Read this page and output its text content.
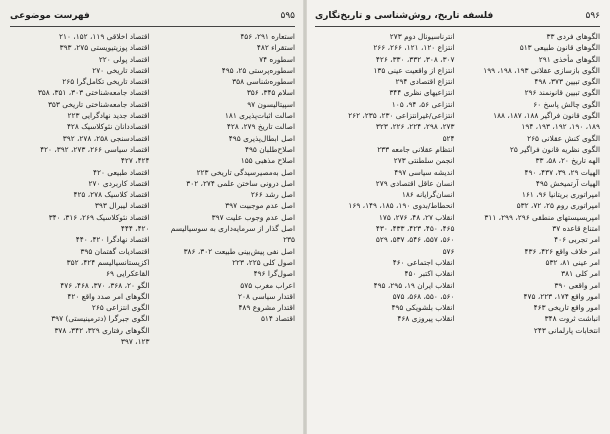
۵۹۵
فهرست موضوعی
استعاره ۲۹۱، ۴۵۶
استقراء ۴۸۲
اسطوره ۷۴
اسطوره‌پرستی ۲۵، ۴۹۵
اسطوره‌شناسی ۳۵۸
اسلام ۳۴۵، ۳۵۶
اسپیتالیسون ۹۷
اصالت اثبات‌پذیری ۱۸۱
اصالت تاریخ ۲۷۹، ۴۲۸
اصل ابطال‌پذیری ۴۹۵
اصلاح‌طلبان ۴۹۵
اصلاح مذهبی ۱۵۵
اصل به‌مصیرسیدگی تاریخی ۲۲۳
اصل درونی ساختن علمی ۲۷۴، ۳۰۲
اصل رشد ۲۶۶
اصل عدم موجبیت ۳۹۷
اصل عدم وجوب علیت ۳۹۷
اصل گذار از سرمایه‌داری به سوسیالیسم
۲۳۵
اصل نفی پیش‌بینی طبیعت ۳۰۲، ۳۸۶
اصول کلی ۲۲۵، ۲۲۳
اصول‌گرا ۴۹۶
اعراب مغرب ۵۷۵
اقتدار سیاسی ۲۰۸
اقتدار مشروع ۴۸۹
اقتصاد ۵۱۴
اقتصاد اخلاقی ۱۱۹، ۱۵۲، ۲۱۰
اقتصاد پوزیتیویستی ۲۷۵، ۳۹۳
اقتصاد پولی ۲۲۰
اقتصاد تاریخی ۲۷۰
اقتصاد تاریخی تکامل‌گرا ۲۶۵
اقتصاد جامعه‌شناختی ۳۰۳، ۳۵۱، ۳۵۸
اقتصاد جامعه‌شناختی تاریخی ۳۵۳
اقتصاد جدید نهادگرایی ۲۲۳
اقتصاددانان نئوکلاسیک ۴۲۸
اقتصادسنجی ۲۵۸، ۲۷۸، ۳۹۲
اقتصاد سیاسی ۲۶۶، ۲۷۳، ۳۹۲، ۴۲۰
۴۲۴، ۴۲۷
اقتصاد طبیعی ۴۲۰
اقتصاد کاربردی ۲۷۰
اقتصاد کلاسیک ۲۷۸، ۴۲۵
اقتصاد لیبرال ۳۹۳
اقتصاد نئوکلاسیک ۲۶۹، ۳۱۶، ۳۴۰
۴۲۰، ۴۴۴
اقتصاد نهادگرا ۴۲۰، ۴۴۰
اقتصادیات گفتمان ۳۹۵
اکزیستانسیالیسم ۴۲۴، ۳۵۲
القاعکرایی ۶۹
الگو ۲۰، ۳۶۸، ۳۷۰، ۴۶۸، ۴۷۶
الگوهای امر صدد واقع ۴۲۰
الگوی انتزاعی ۲۶۵
الگوی جبرگرا (دترمینیستی) ۳۹۷
الگوهای رفتاری ۳۲۹، ۳۴۲، ۳۷۸
۱۲۳، ۳۹۷
۵۹۶
فلسفه تاریخ، روش‌شناسی و تاریخ‌نگاری
الگوهای فردی ۳۳
الگوهای قانون طبیعی ۵۱۳
الگوهای مأخذی ۲۹۱
الگوی بازسازی عقلانی ۱۹۳، ۱۹۸، ۱۹۹
الگوی تبیین ۳۷۳، ۴۹۸
الگوی تبیین قانونمند ۲۹۶
الگوی چالش پاسخ ۶۰
الگوی قانون فراگیر ۱۸۸، ۱۸۷، ۱۸۸
۱۸۹، ۱۹۰، ۱۹۲، ۱۹۳، ۱۹۴
الگوی کنش عقلانی ۲۶۵
الگوی نظریه قانون فراگیر ۲۵
الهه تاریخ ۲۰، ۵۸، ۳۳
الهیات ۲۹، ۳۹، ۴۳۷، ۴۹۰
الهیات آرتمیخش ۴۹۵
امپراتوری بریتانیا ۹۶، ۱۶۱
امپراتوری روم ۲۵، ۷۲، ۵۳۲
امپریسیستهای منطقی ۲۹۶، ۲۹۹، ۳۱۱
امتناع قاعده ۳۷
امر تجربی ۴۰۶
امر خلاف واقع ۴۲۶، ۴۳۶
امر عینی ۸۱، ۵۳۲
امر کلی ۳۸۱
امر واقعی ۳۹۰
امور واقع ۱۷۴، ۲۲۳، ۴۷۵
امور واقع تاریخی ۴۶۳
انباشت ثروت ۳۴۸
انتخابات پارلمانی ۲۴۳
انترناسیونال دوم ۲۷۳
انتزاع ۱۲۰، ۱۲۱، ۲۶۶، ۲۶۶
۳۰۷، ۳۰۸، ۳۳۲، ۳۳۰، ۴۲۶
انتزاع از واقعیت عینی ۱۳۵
انتزاع اقتصادی ۲۹۴
انتزاعیهای نظری ۳۴۴
انتزاعی ۵۶، ۹۴، ۱۰۵
انتزاعی/غیرانتزاعی ۲۳۰، ۲۳۵، ۲۶۲
۲۷۳، ۲۹۸، ۲۲۴، ۲۲۶، ۳۲۳
۵۲۴
انتظام عقلانی جامعه ۲۳۳
انجمن سلطنتی ۲۷۳
اندیشه سیاسی ۴۹۷
انسان عاقل اقتصادی ۲۷۹
انسان‌گرایانه ۱۸۶
انحطاط/بدوی ۱۹۰، ۱۸۵، ۱۴۹، ۱۶۹
انقلاب ۲۷، ۴۸، ۲۷۶، ۱۷۵
۴۶۵، ۴۵۰، ۴۲۳، ۴۳۳، ۴۳۰
۵۶۰، ۵۵۷، ۵۴۶، ۵۳۷، ۵۲۹
۵۷۶
انقلاب اجتماعی ۴۶۰
انقلاب اکتبر ۴۵۰
انقلاب ایران ۱۹، ۲۹۵، ۴۹۵
۵۶۰، ۵۵۰، ۵۶۸، ۵۷۵
انقلاب بلشویکی ۴۹۵
انقلاب پیروزی ۴۶۸
